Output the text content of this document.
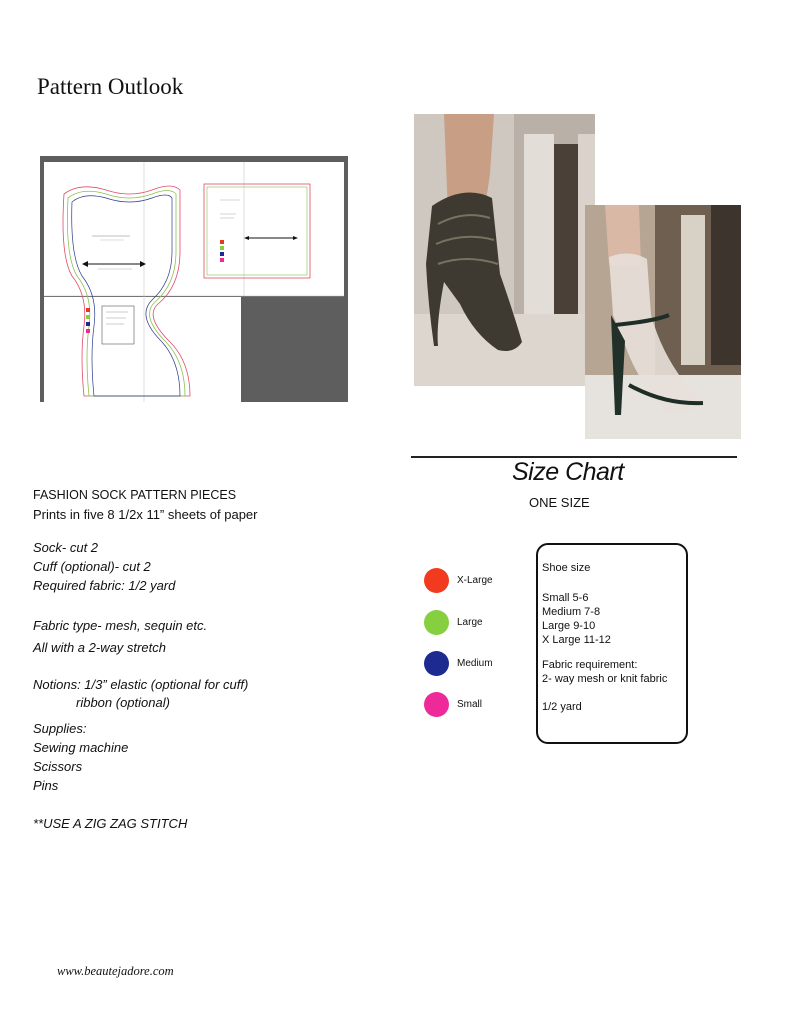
Pattern Outlook
Size Chart
ONE SIZE
FASHION SOCK PATTERN PIECES
Prints in five 8 1/2x 11” sheets of paper
Sock- cut 2
Cuff (optional)- cut 2
Required fabric: 1/2 yard
Fabric type- mesh, sequin etc.
All with a 2-way stretch
Notions: 1/3” elastic (optional for cuff)
ribbon (optional)
Supplies:
Sewing machine
Scissors
Pins
**USE A ZIG ZAG STITCH
X-Large
Large
Medium
Small
Shoe size
Small 5-6
Medium 7-8
Large 9-10
X Large 11-12
Fabric requirement:
2- way mesh or knit fabric
1/2 yard
www.beautejadore.com
